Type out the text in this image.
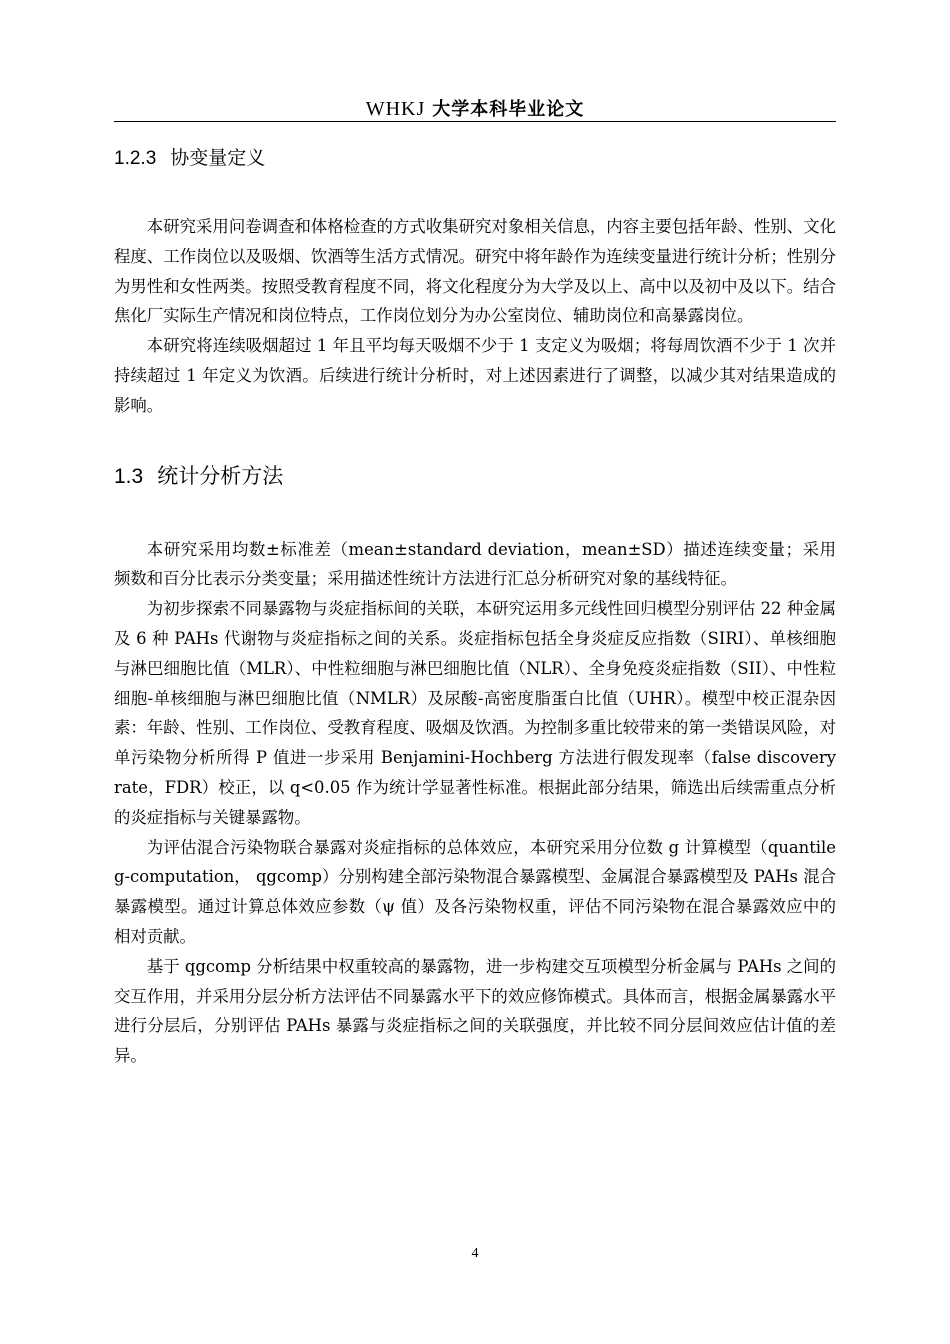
WHKJ 大学本科毕业论文
1.2.3 协变量定义

本研究采用问卷调查和体格检查的方式收集研究对象相关信息，内容主要包括年龄、性别、文化程度、工作岗位以及吸烟、饮酒等生活方式情况。研究中将年龄作为连续变量进行统计分析；性别分为男性和女性两类。按照受教育程度不同，将文化程度分为大学及以上、高中以及初中及以下。结合焦化厂实际生产情况和岗位特点，工作岗位划分为办公室岗位、辅助岗位和高暴露岗位。

本研究将连续吸烟超过 1 年且平均每天吸烟不少于 1 支定义为吸烟；将每周饮酒不少于 1 次并持续超过 1 年定义为饮酒。后续进行统计分析时，对上述因素进行了调整，以减少其对结果造成的影响。

1.3 统计分析方法

本研究采用均数±标准差（mean±standard deviation，mean±SD）描述连续变量；采用频数和百分比表示分类变量；采用描述性统计方法进行汇总分析研究对象的基线特征。

为初步探索不同暴露物与炎症指标间的关联，本研究运用多元线性回归模型分别评估 22 种金属及 6 种 PAHs 代谢物与炎症指标之间的关系。炎症指标包括全身炎症反应指数（SIRI）、单核细胞与淋巴细胞比值（MLR）、中性粒细胞与淋巴细胞比值（NLR）、全身免疫炎症指数（SII）、中性粒细胞-单核细胞与淋巴细胞比值（NMLR）及尿酸-高密度脂蛋白比值（UHR）。模型中校正混杂因素：年龄、性别、工作岗位、受教育程度、吸烟及饮酒。为控制多重比较带来的第一类错误风险，对单污染物分析所得 P 值进一步采用 Benjamini-Hochberg 方法进行假发现率（false discovery rate，FDR）校正，以 q<0.05 作为统计学显著性标准。根据此部分结果，筛选出后续需重点分析的炎症指标与关键暴露物。

为评估混合污染物联合暴露对炎症指标的总体效应，本研究采用分位数 g 计算模型（quantile g-computation， qgcomp）分别构建全部污染物混合暴露模型、金属混合暴露模型及 PAHs 混合暴露模型。通过计算总体效应参数（ψ 值）及各污染物权重，评估不同污染物在混合暴露效应中的相对贡献。

基于 qgcomp 分析结果中权重较高的暴露物，进一步构建交互项模型分析金属与 PAHs 之间的交互作用，并采用分层分析方法评估不同暴露水平下的效应修饰模式。具体而言，根据金属暴露水平进行分层后，分别评估 PAHs 暴露与炎症指标之间的关联强度，并比较不同分层间效应估计值的差异。

4
